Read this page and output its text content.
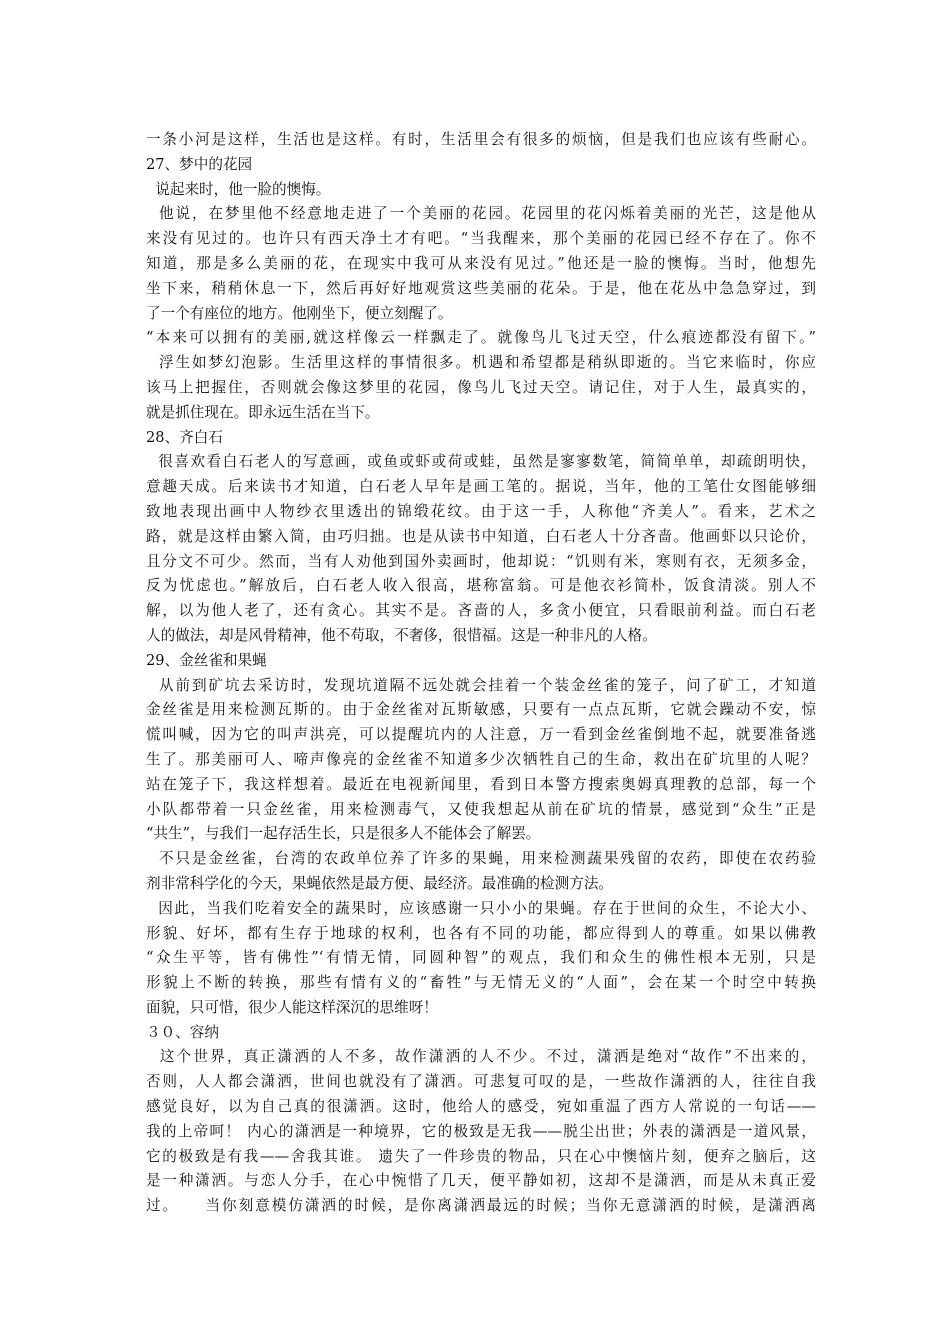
一条小河是这样，生活也是这样。有时，生活里会有很多的烦恼，但是我们也应该有些耐心。
27、梦中的花园
说起来时，他一脸的懊悔。
他说，在梦里他不经意地走进了一个美丽的花园。花园里的花闪烁着美丽的光芒，这是他从
来没有见过的。也许只有西天净土才有吧。“当我醒来，那个美丽的花园已经不存在了。你不
知道，那是多么美丽的花，在现实中我可从来没有见过。”他还是一脸的懊悔。当时，他想先
坐下来，稍稍休息一下，然后再好好地观赏这些美丽的花朵。于是，他在花丛中急急穿过，到
了一个有座位的地方。他刚坐下，便立刻醒了。
“本来可以拥有的美丽,就这样像云一样飘走了。就像鸟儿飞过天空，什么痕迹都没有留下。”
浮生如梦幻泡影。生活里这样的事情很多。机遇和希望都是稍纵即逝的。当它来临时，你应
该马上把握住，否则就会像这梦里的花园，像鸟儿飞过天空。请记住，对于人生，最真实的，
就是抓住现在。即永远生活在当下。
28、齐白石
很喜欢看白石老人的写意画，或鱼或虾或荷或蛙，虽然是寥寥数笔，简简单单，却疏朗明快，
意趣天成。后来读书才知道，白石老人早年是画工笔的。据说，当年，他的工笔仕女图能够细
致地表现出画中人物纱衣里透出的锦缎花纹。由于这一手，人称他“齐美人”。看来，艺术之
路，就是这样由繁入简，由巧归拙。也是从读书中知道，白石老人十分吝啬。他画虾以只论价，
且分文不可少。然而，当有人劝他到国外卖画时，他却说：“饥则有米，寒则有衣，无须多金，
反为忧虑也。”解放后，白石老人收入很高，堪称富翁。可是他衣衫简朴，饭食清淡。别人不
解，以为他人老了，还有贪心。其实不是。吝啬的人，多贪小便宜，只看眼前利益。而白石老
人的做法，却是风骨精神，他不苟取，不奢侈，很惜福。这是一种非凡的人格。
29、金丝雀和果蝇
从前到矿坑去采访时，发现坑道隔不远处就会挂着一个装金丝雀的笼子，问了矿工，才知道
金丝雀是用来检测瓦斯的。由于金丝雀对瓦斯敏感，只要有一点点瓦斯，它就会躁动不安，惊
慌叫喊，因为它的叫声洪亮，可以提醒坑内的人注意，万一看到金丝雀倒地不起，就要准备逃
生了。那美丽可人、啼声像亮的金丝雀不知道多少次牺牲自己的生命，救出在矿坑里的人呢？
站在笼子下，我这样想着。最近在电视新闻里，看到日本警方搜索奥姆真理教的总部，每一个
小队都带着一只金丝雀，用来检测毒气，又使我想起从前在矿坑的情景，感觉到“众生”正是
“共生”，与我们一起存活生长，只是很多人不能体会了解罢。
不只是金丝雀，台湾的农政单位养了许多的果蝇，用来检测蔬果残留的农药，即使在农药验
剂非常科学化的今天，果蝇依然是最方便、最经济。最准确的检测方法。
因此，当我们吃着安全的蔬果时，应该感谢一只小小的果蝇。存在于世间的众生，不论大小、
形貌、好坏，都有生存于地球的权利，也各有不同的功能，都应得到人的尊重。如果以佛教
“众生平等，皆有佛性”‘有情无情，同圆种智”的观点，我们和众生的佛性根本无别，只是
形貌上不断的转换，那些有情有义的“畜牲”与无情无义的“人面”，会在某一个时空中转换
面貌，只可惜，很少人能这样深沉的思维呀！
３０、容纳
这个世界，真正潇洒的人不多，故作潇洒的人不少。不过，潇洒是绝对“故作”不出来的，
否则，人人都会潇洒，世间也就没有了潇洒。可悲复可叹的是，一些故作潇洒的人，往往自我
感觉良好，以为自己真的很潇洒。这时，他给人的感受，宛如重温了西方人常说的一句话——
我的上帝呵！ 内心的潇洒是一种境界，它的极致是无我——脱尘出世；外表的潇洒是一道风景，
它的极致是有我——舍我其谁。 遗失了一件珍贵的物品，只在心中懊恼片刻，便弃之脑后，这
是一种潇洒。与恋人分手，在心中惋惜了几天，便平静如初，这却不是潇洒，而是从未真正爱
过。    当你刻意模仿潇洒的时候，是你离潇洒最远的时候；当你无意潇洒的时候，是潇洒离
